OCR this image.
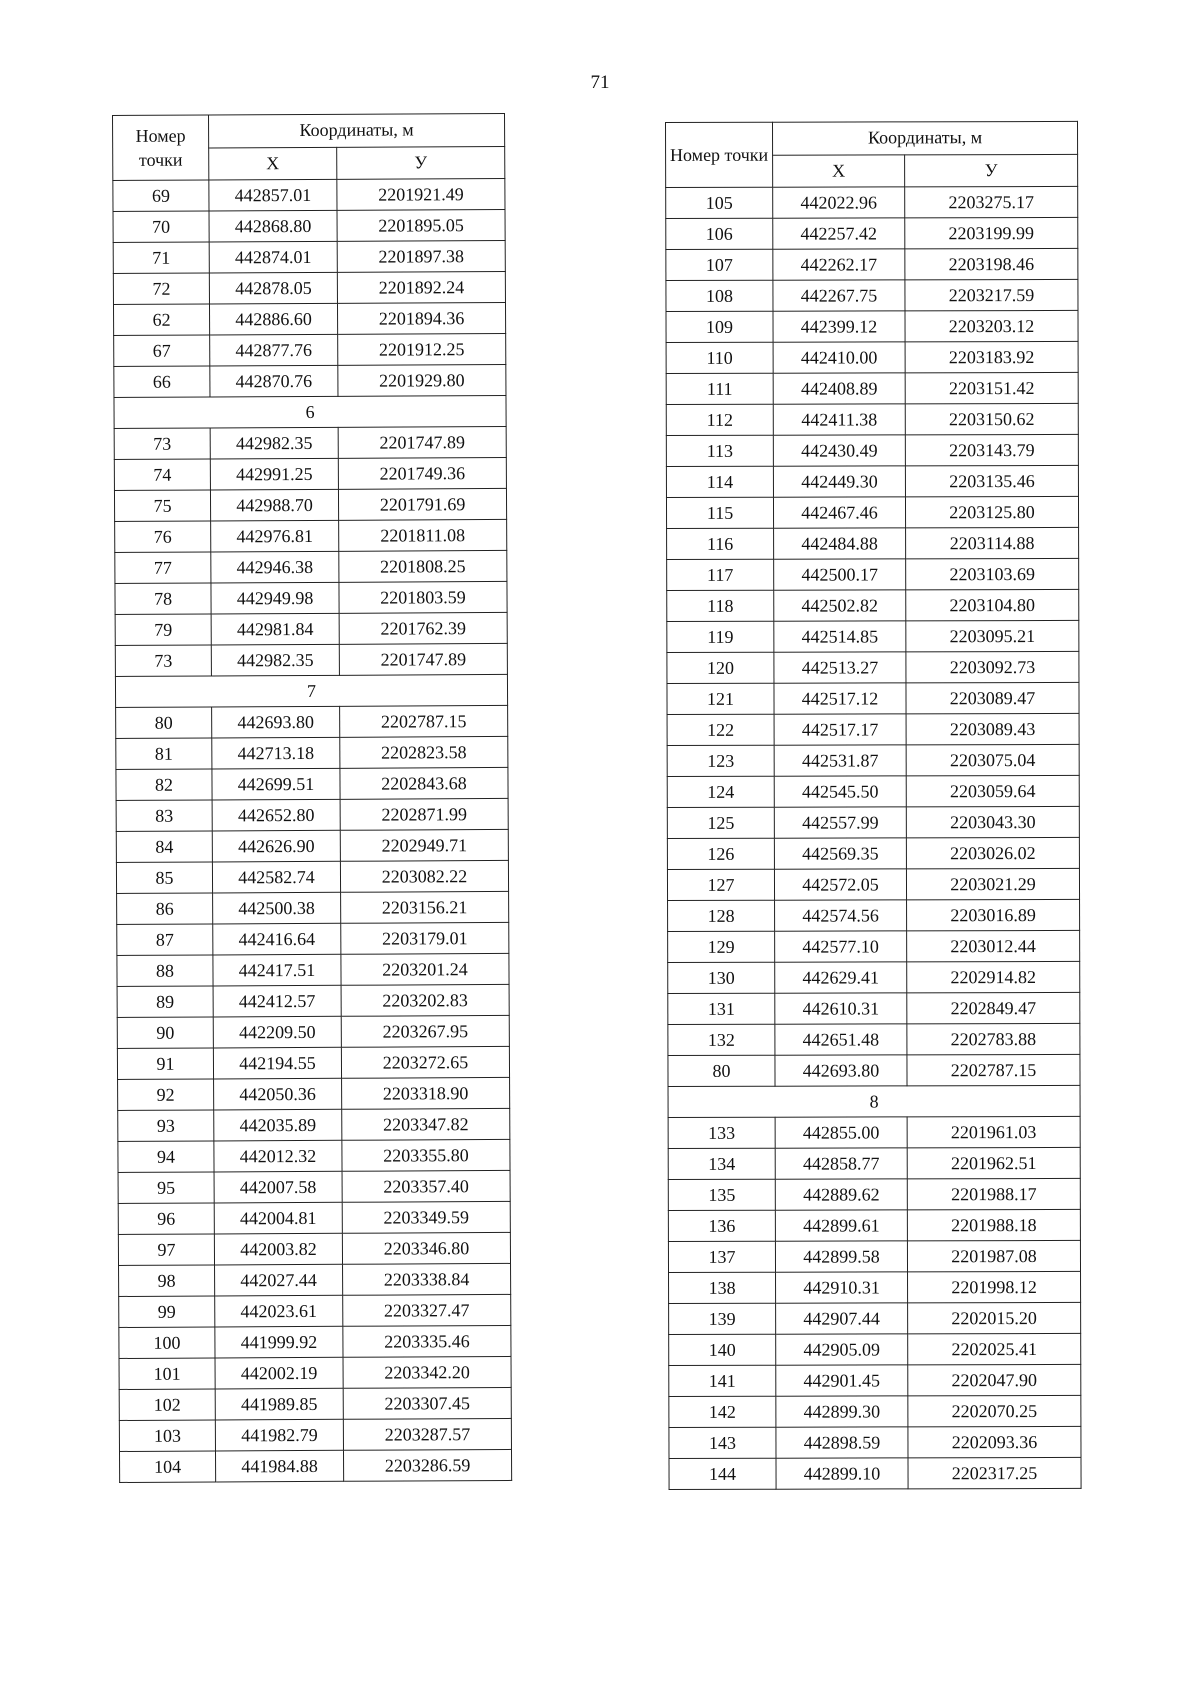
71
Номер точки	Координаты, м	
	X	У
69	442857.01	2201921.49
70	442868.80	2201895.05
71	442874.01	2201897.38
72	442878.05	2201892.24
62	442886.60	2201894.36
67	442877.76	2201912.25
66	442870.76	2201929.80
6		
73	442982.35	2201747.89
74	442991.25	2201749.36
75	442988.70	2201791.69
76	442976.81	2201811.08
77	442946.38	2201808.25
78	442949.98	2201803.59
79	442981.84	2201762.39
73	442982.35	2201747.89
7		
80	442693.80	2202787.15
81	442713.18	2202823.58
82	442699.51	2202843.68
83	442652.80	2202871.99
84	442626.90	2202949.71
85	442582.74	2203082.22
86	442500.38	2203156.21
87	442416.64	2203179.01
88	442417.51	2203201.24
89	442412.57	2203202.83
90	442209.50	2203267.95
91	442194.55	2203272.65
92	442050.36	2203318.90
93	442035.89	2203347.82
94	442012.32	2203355.80
95	442007.58	2203357.40
96	442004.81	2203349.59
97	442003.82	2203346.80
98	442027.44	2203338.84
99	442023.61	2203327.47
100	441999.92	2203335.46
101	442002.19	2203342.20
102	441989.85	2203307.45
103	441982.79	2203287.57
104	441984.88	2203286.59
Номер точки	Координаты, м	
	X	У
105	442022.96	2203275.17
106	442257.42	2203199.99
107	442262.17	2203198.46
108	442267.75	2203217.59
109	442399.12	2203203.12
110	442410.00	2203183.92
111	442408.89	2203151.42
112	442411.38	2203150.62
113	442430.49	2203143.79
114	442449.30	2203135.46
115	442467.46	2203125.80
116	442484.88	2203114.88
117	442500.17	2203103.69
118	442502.82	2203104.80
119	442514.85	2203095.21
120	442513.27	2203092.73
121	442517.12	2203089.47
122	442517.17	2203089.43
123	442531.87	2203075.04
124	442545.50	2203059.64
125	442557.99	2203043.30
126	442569.35	2203026.02
127	442572.05	2203021.29
128	442574.56	2203016.89
129	442577.10	2203012.44
130	442629.41	2202914.82
131	442610.31	2202849.47
132	442651.48	2202783.88
80	442693.80	2202787.15
8		
133	442855.00	2201961.03
134	442858.77	2201962.51
135	442889.62	2201988.17
136	442899.61	2201988.18
137	442899.58	2201987.08
138	442910.31	2201998.12
139	442907.44	2202015.20
140	442905.09	2202025.41
141	442901.45	2202047.90
142	442899.30	2202070.25
143	442898.59	2202093.36
144	442899.10	2202317.25
